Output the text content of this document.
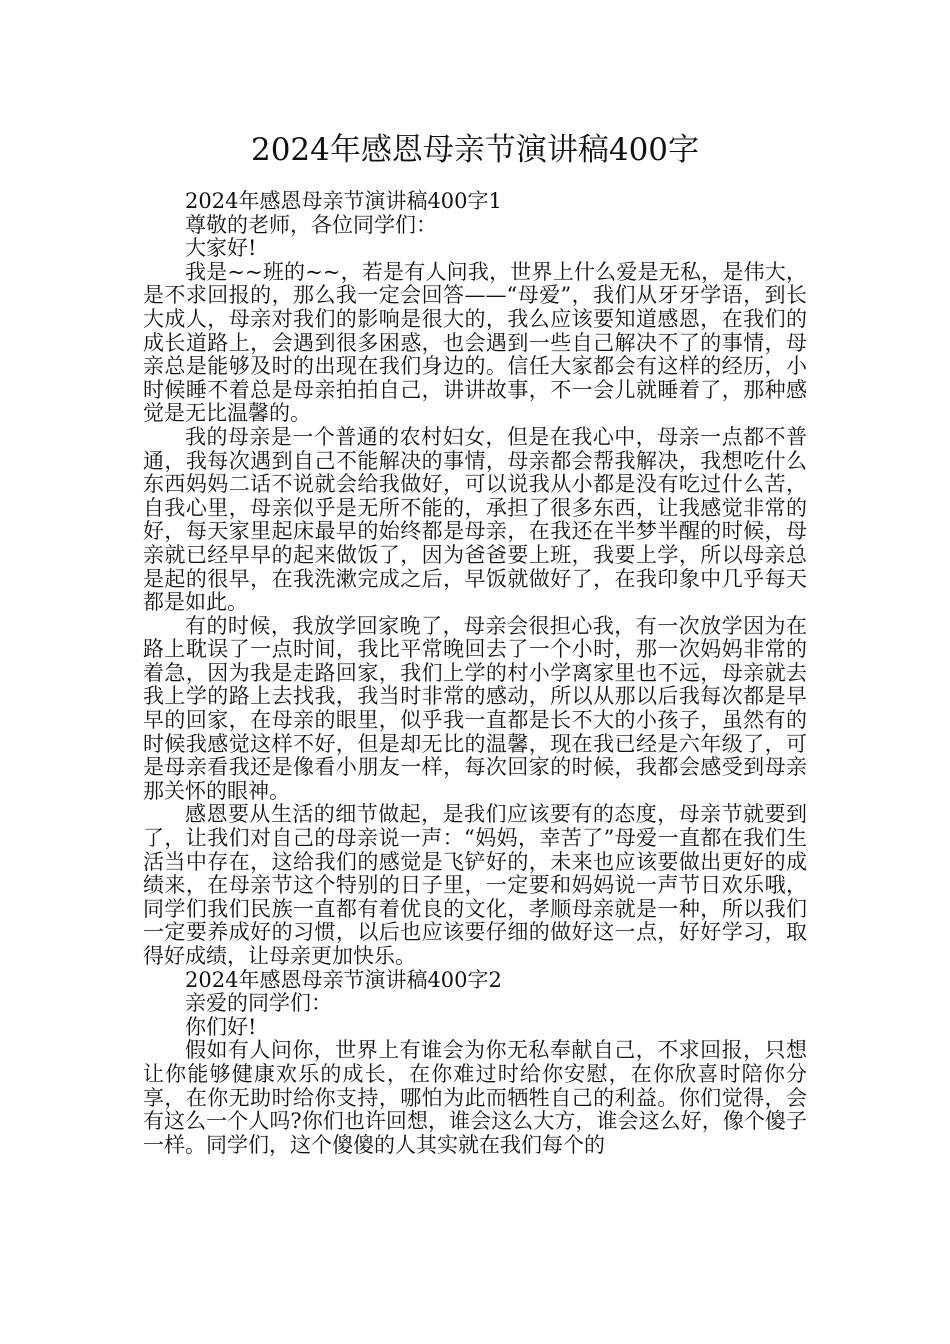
2024年感恩母亲节演讲稿400字

2024年感恩母亲节演讲稿400字1

尊敬的老师，各位同学们：

大家好!

我是~~班的~~，若是有人问我，世界上什么爱是无私，是伟大，是不求回报的，那么我一定会回答——“母爱”，我们从牙牙学语，到长大成人，母亲对我们的影响是很大的，我么应该要知道感恩，在我们的成长道路上，会遇到很多困惑，也会遇到一些自己解决不了的事情，母亲总是能够及时的出现在我们身边的。信任大家都会有这样的经历，小时候睡不着总是母亲拍拍自己，讲讲故事，不一会儿就睡着了，那种感觉是无比温馨的。

我的母亲是一个普通的农村妇女，但是在我心中，母亲一点都不普通，我每次遇到自己不能解决的事情，母亲都会帮我解决，我想吃什么东西妈妈二话不说就会给我做好，可以说我从小都是没有吃过什么苦，自我心里，母亲似乎是无所不能的，承担了很多东西，让我感觉非常的好，每天家里起床最早的始终都是母亲，在我还在半梦半醒的时候，母亲就已经早早的起来做饭了，因为爸爸要上班，我要上学，所以母亲总是起的很早，在我洗漱完成之后，早饭就做好了，在我印象中几乎每天都是如此。

有的时候，我放学回家晚了，母亲会很担心我，有一次放学因为在路上耽误了一点时间，我比平常晚回去了一个小时，那一次妈妈非常的着急，因为我是走路回家，我们上学的村小学离家里也不远，母亲就去我上学的路上去找我，我当时非常的感动，所以从那以后我每次都是早早的回家，在母亲的眼里，似乎我一直都是长不大的小孩子，虽然有的时候我感觉这样不好，但是却无比的温馨，现在我已经是六年级了，可是母亲看我还是像看小朋友一样，每次回家的时候，我都会感受到母亲那关怀的眼神。

感恩要从生活的细节做起，是我们应该要有的态度，母亲节就要到了，让我们对自己的母亲说一声：“妈妈，幸苦了”母爱一直都在我们生活当中存在，这给我们的感觉是飞铲好的，未来也应该要做出更好的成绩来，在母亲节这个特别的日子里，一定要和妈妈说一声节日欢乐哦，同学们我们民族一直都有着优良的文化，孝顺母亲就是一种，所以我们一定要养成好的习惯，以后也应该要仔细的做好这一点，好好学习，取得好成绩，让母亲更加快乐。

2024年感恩母亲节演讲稿400字2

亲爱的同学们：

你们好!

假如有人问你，世界上有谁会为你无私奉献自己，不求回报，只想让你能够健康欢乐的成长，在你难过时给你安慰，在你欣喜时陪你分享，在你无助时给你支持，哪怕为此而牺牲自己的利益。你们觉得，会有这么一个人吗?你们也许回想，谁会这么大方，谁会这么好，像个傻子一样。同学们，这个傻傻的人其实就在我们每个的
